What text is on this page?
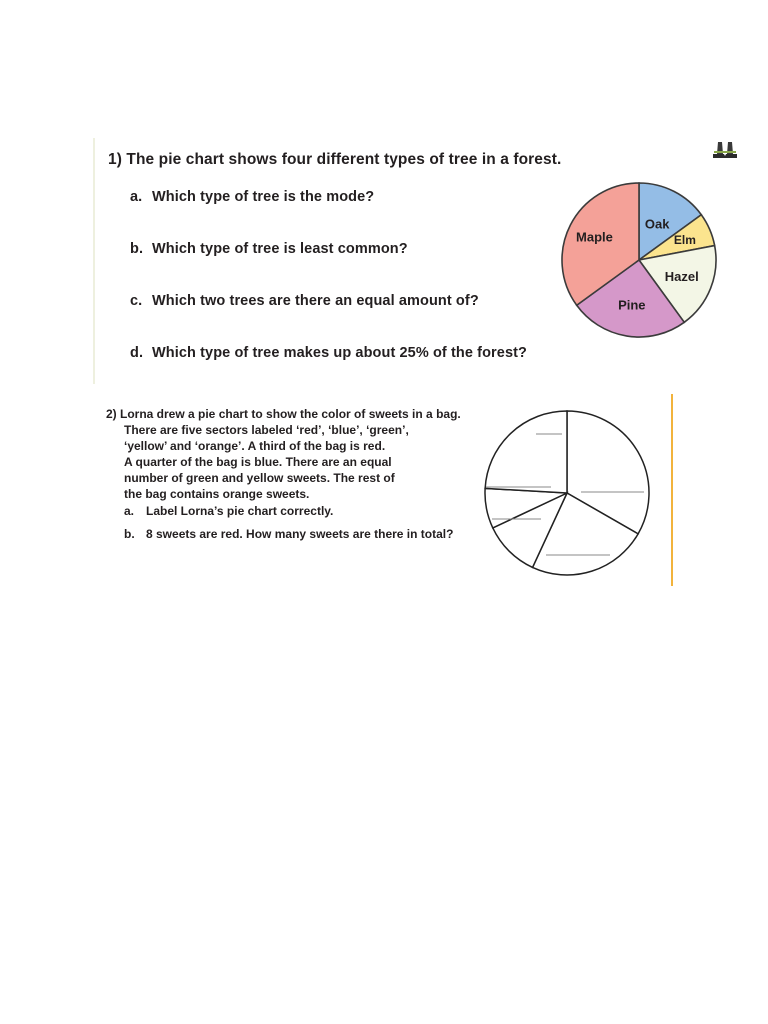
1) The pie chart shows four different types of tree in a forest.
a. Which type of tree is the mode?
b. Which type of tree is least common?
c. Which two trees are there an equal amount of?
d. Which type of tree makes up about 25% of the forest?
Oak
Elm
Hazel
Pine
Maple
2) Lorna drew a pie chart to show the color of sweets in a bag.
There are five sectors labeled ‘red’, ‘blue’, ‘green’,
‘yellow’ and ‘orange’. A third of the bag is red.
A quarter of the bag is blue. There are an equal
number of green and yellow sweets. The rest of
the bag contains orange sweets.
a. Label Lorna’s pie chart correctly.
b. 8 sweets are red. How many sweets are there in total?
